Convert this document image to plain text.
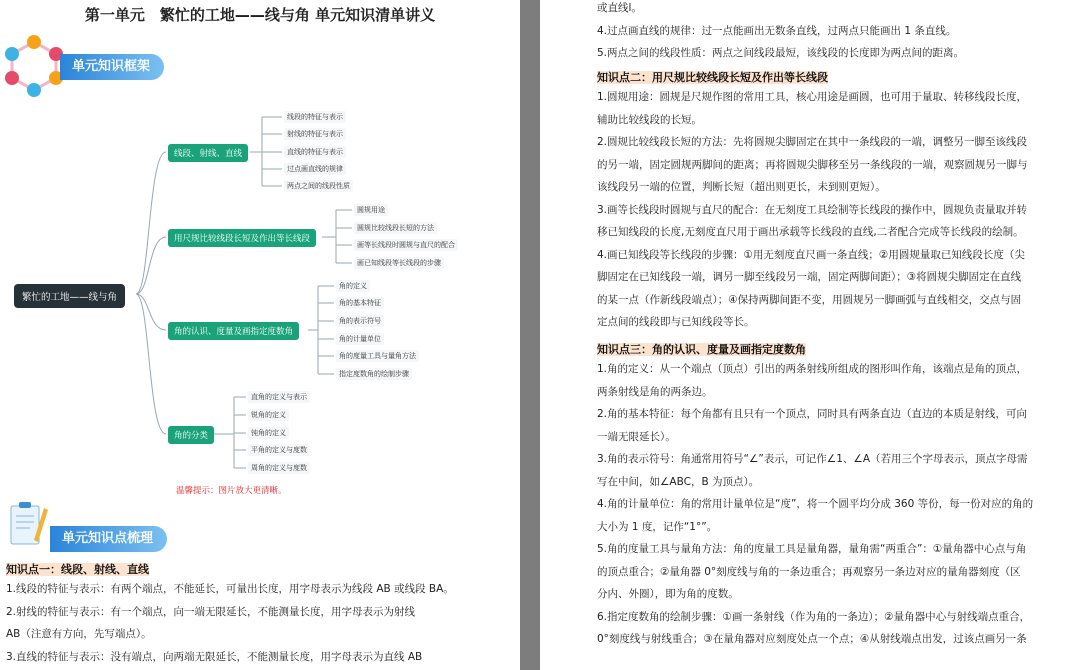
第一单元　繁忙的工地——线与角 单元知识清单讲义
单元知识框架
繁忙的工地——线与角
线段、射线、直线
用尺规比较线段长短及作出等长线段
角的认识、度量及画指定度数角
角的分类
线段的特征与表示
射线的特征与表示
直线的特征与表示
过点画直线的规律
两点之间的线段性质
圆规用途
圆规比较线段长短的方法
画等长线段时圆规与直尺的配合
画已知线段等长线段的步骤
角的定义
角的基本特征
角的表示符号
角的计量单位
角的度量工具与量角方法
指定度数角的绘制步骤
直角的定义与表示
锐角的定义
钝角的定义
平角的定义与度数
周角的定义与度数
温馨提示：图片放大更清晰。
单元知识点梳理
知识点一：线段、射线、直线
1.线段的特征与表示：有两个端点，不能延长，可量出长度，用字母表示为线段 AB 或线段 BA。
2.射线的特征与表示：有一个端点，向一端无限延长，不能测量长度，用字母表示为射线
AB（注意有方向，先写端点）。
3.直线的特征与表示：没有端点，向两端无限延长，不能测量长度，用字母表示为直线 AB
或直线l。
4.过点画直线的规律：过一点能画出无数条直线，过两点只能画出 1 条直线。
5.两点之间的线段性质：两点之间线段最短，该线段的长度即为两点间的距离。
知识点二：用尺规比较线段长短及作出等长线段
1.圆规用途：圆规是尺规作图的常用工具，核心用途是画圆，也可用于量取、转移线段长度，
辅助比较线段的长短。
2.圆规比较线段长短的方法：先将圆规尖脚固定在其中一条线段的一端，调整另一脚至该线段
的另一端，固定圆规两脚间的距离；再将圆规尖脚移至另一条线段的一端，观察圆规另一脚与
该线段另一端的位置，判断长短（超出则更长，未到则更短）。
3.画等长线段时圆规与直尺的配合：在无刻度工具绘制等长线段的操作中，圆规负责量取并转
移已知线段的长度,无刻度直尺用于画出承载等长线段的直线,二者配合完成等长线段的绘制。
4.画已知线段等长线段的步骤：①用无刻度直尺画一条直线；②用圆规量取已知线段长度（尖
脚固定在已知线段一端，调另一脚至线段另一端，固定两脚间距）；③将圆规尖脚固定在直线
的某一点（作新线段端点）；④保持两脚间距不变，用圆规另一脚画弧与直线相交，交点与固
定点间的线段即与已知线段等长。
知识点三：角的认识、度量及画指定度数角
1.角的定义：从一个端点（顶点）引出的两条射线所组成的图形叫作角，该端点是角的顶点，
两条射线是角的两条边。
2.角的基本特征：每个角都有且只有一个顶点，同时具有两条直边（直边的本质是射线，可向
一端无限延长）。
3.角的表示符号：角通常用符号“∠”表示，可记作∠1、∠A（若用三个字母表示，顶点字母需
写在中间，如∠ABC，B 为顶点）。
4.角的计量单位：角的常用计量单位是“度”，将一个圆平均分成 360 等份，每一份对应的角的
大小为 1 度，记作“1°”。
5.角的度量工具与量角方法：角的度量工具是量角器，量角需“两重合”：①量角器中心点与角
的顶点重合；②量角器 0°刻度线与角的一条边重合；再观察另一条边对应的量角器刻度（区
分内、外圈），即为角的度数。
6.指定度数角的绘制步骤：①画一条射线（作为角的一条边）；②量角器中心与射线端点重合，
0°刻度线与射线重合；③在量角器对应刻度处点一个点；④从射线端点出发，过该点画另一条
